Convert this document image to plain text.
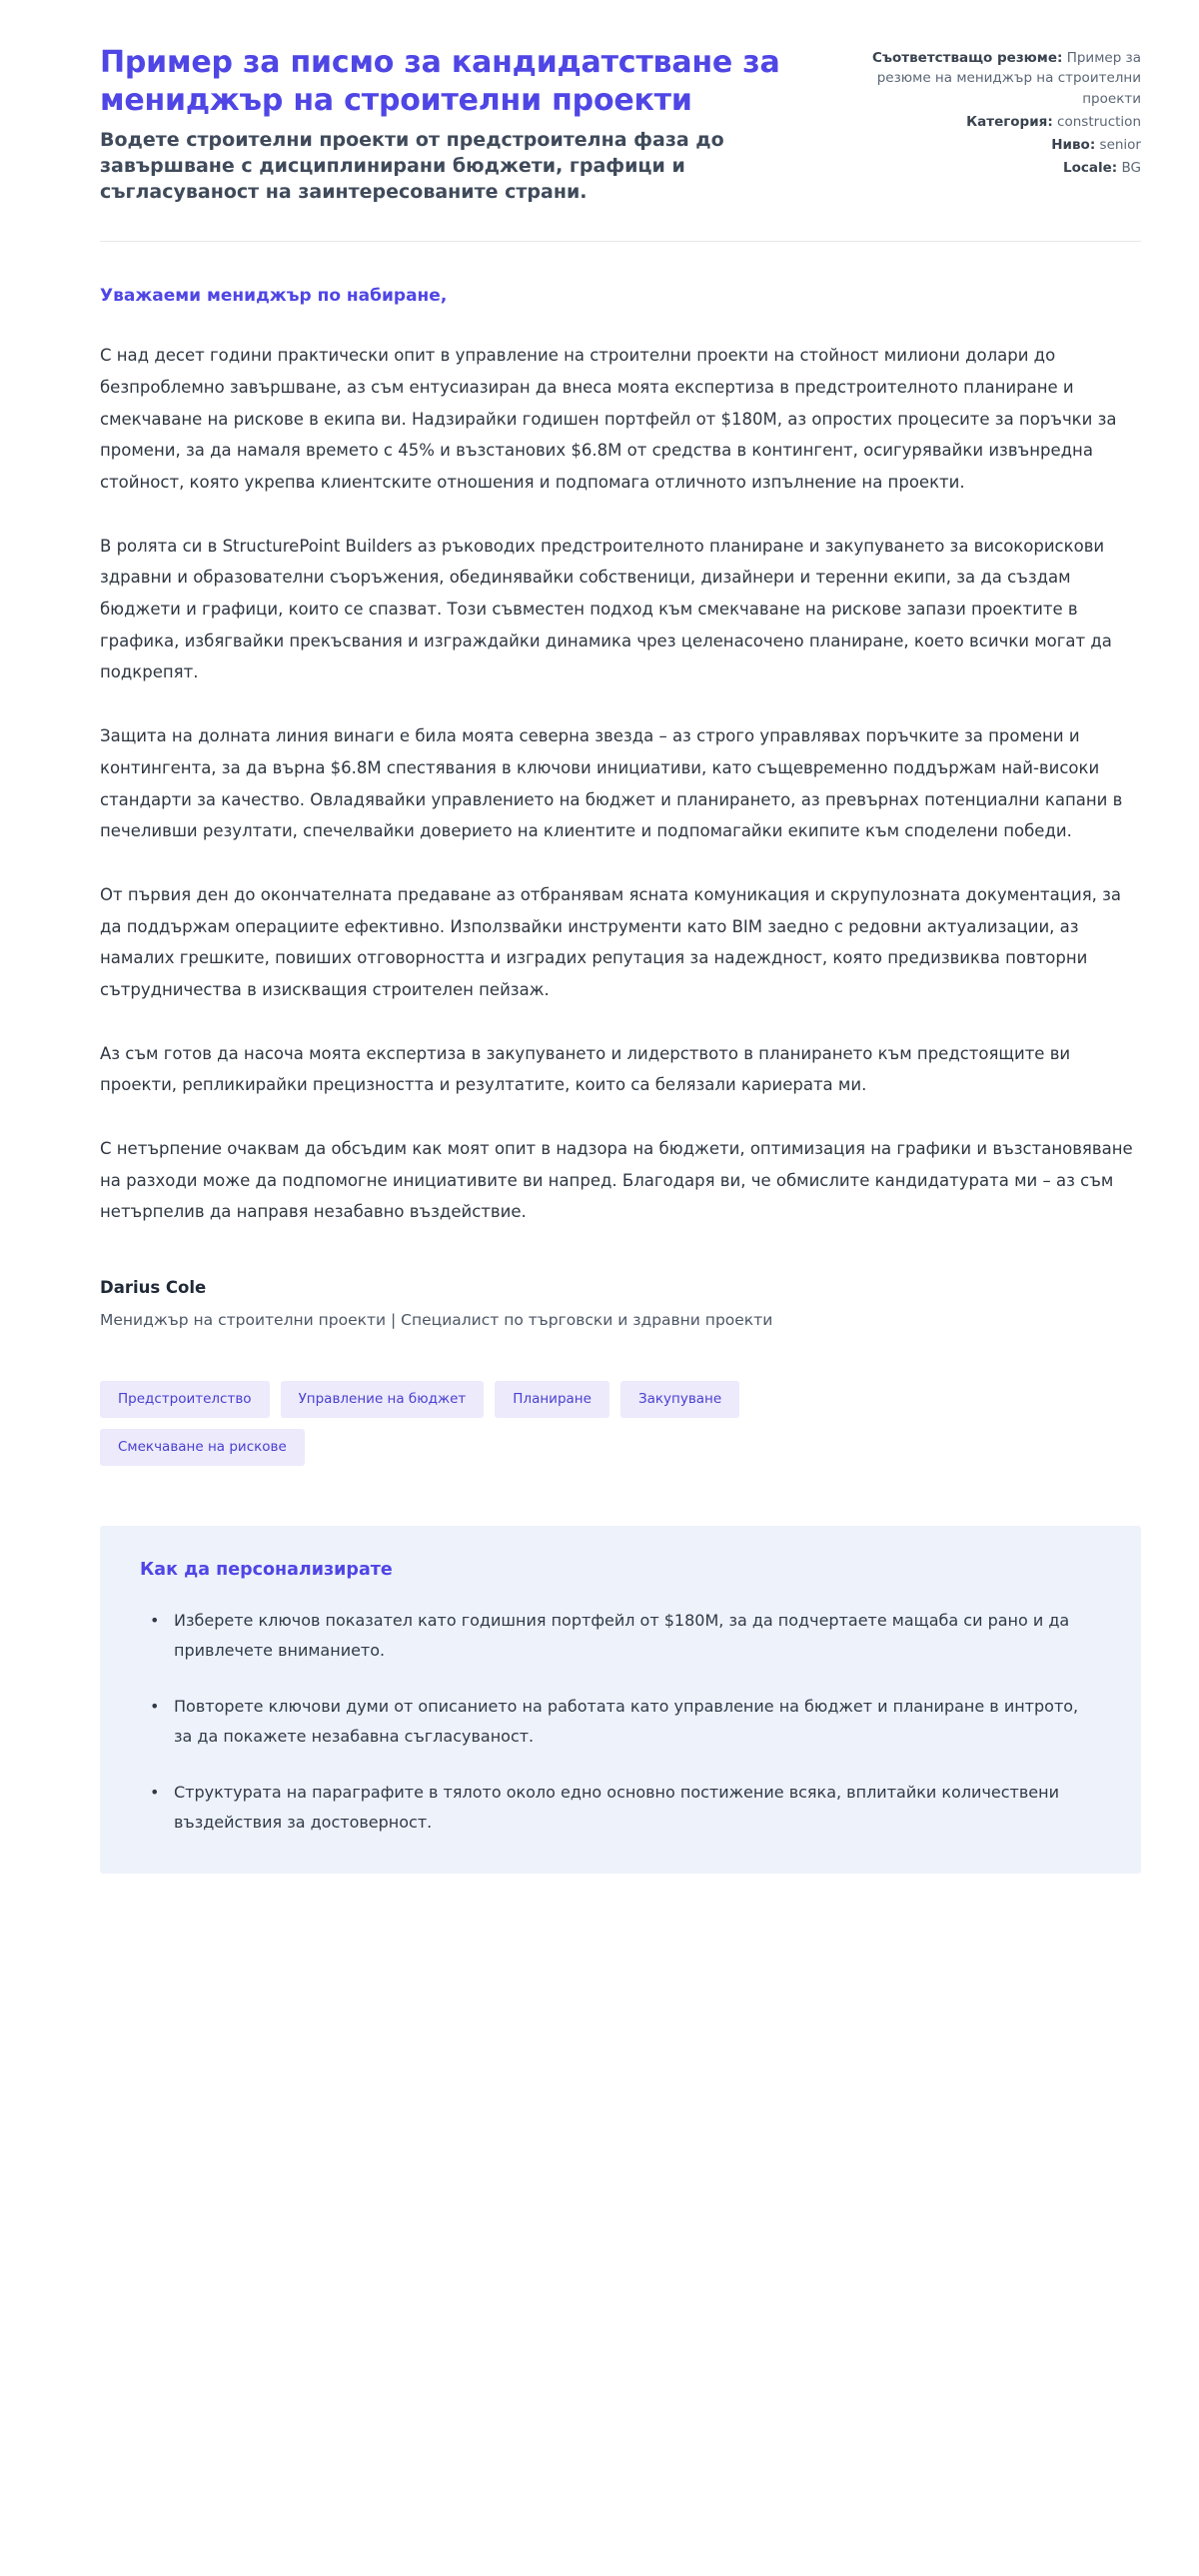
Пример за писмо за кандидатстване за мениджър на строителни проекти

Водете строителни проекти от предстроителна фаза до завършване с дисциплинирани бюджети, графици и съгласуваност на заинтересованите страни.

Съответстващо резюме: Пример за резюме на мениджър на строителни проекти
Категория: construction
Ниво: senior
Locale: BG

Уважаеми мениджър по набиране,

С над десет години практически опит в управление на строителни проекти на стойност милиони долари до безпроблемно завършване, аз съм ентусиазиран да внеса моята експертиза в предстроителното планиране и смекчаване на рискове в екипа ви. Надзирайки годишен портфейл от $180M, аз опростих процесите за поръчки за промени, за да намаля времето с 45% и възстанових $6.8M от средства в контингент, осигурявайки извънредна стойност, която укрепва клиентските отношения и подпомага отличното изпълнение на проекти.

В ролята си в StructurePoint Builders аз ръководих предстроителното планиране и закупуването за високорискови здравни и образователни съоръжения, обединявайки собственици, дизайнери и теренни екипи, за да създам бюджети и графици, които се спазват. Този съвместен подход към смекчаване на рискове запази проектите в графика, избягвайки прекъсвания и изграждайки динамика чрез целенасочено планиране, което всички могат да подкрепят.

Защита на долната линия винаги е била моята северна звезда – аз строго управлявах поръчките за промени и контингента, за да върна $6.8M спестявания в ключови инициативи, като същевременно поддържам най-високи стандарти за качество. Овладявайки управлението на бюджет и планирането, аз превърнах потенциални капани в печеливши резултати, спечелвайки доверието на клиентите и подпомагайки екипите към споделени победи.

От първия ден до окончателната предаване аз отбранявам ясната комуникация и скрупулозната документация, за да поддържам операциите ефективно. Използвайки инструменти като BIM заедно с редовни актуализации, аз намалих грешките, повиших отговорността и изградих репутация за надеждност, която предизвиква повторни сътрудничества в изискващия строителен пейзаж.

Аз съм готов да насоча моята експертиза в закупуването и лидерството в планирането към предстоящите ви проекти, репликирайки прецизността и резултатите, които са белязали кариерата ми.

С нетърпение очаквам да обсъдим как моят опит в надзора на бюджети, оптимизация на графики и възстановяване на разходи може да подпомогне инициативите ви напред. Благодаря ви, че обмислите кандидатурата ми – аз съм нетърпелив да направя незабавно въздействие.

Darius Cole

Мениджър на строителни проекти | Специалист по търговски и здравни проекти

Предстроителство	Управление на бюджет	Планиране	Закупуване
Смекчаване на рискове
Как да персонализирате
• Изберете ключов показател като годишния портфейл от $180M, за да подчертаете мащаба си рано и да привлечете вниманието.
• Повторете ключови думи от описанието на работата като управление на бюджет и планиране в интрото, за да покажете незабавна съгласуваност.
• Структурата на параграфите в тялото около едно основно постижение всяка, вплитайки количествени въздействия за достоверност.
